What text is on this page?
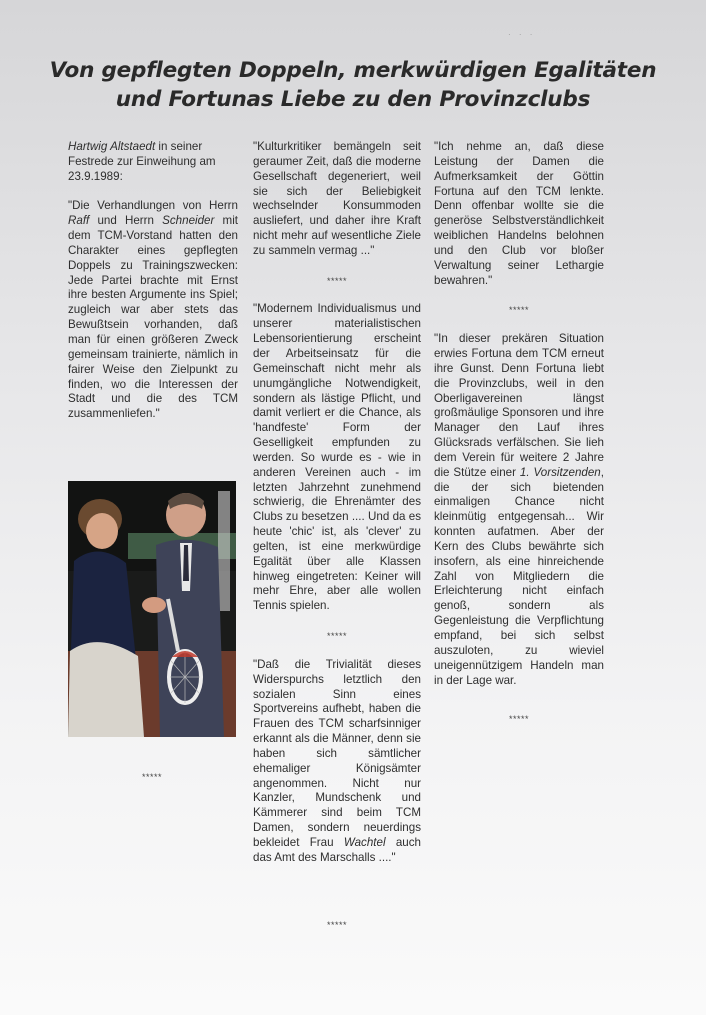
· · ·
Von gepflegten Doppeln, merkwürdigen Egalitäten
und Fortunas Liebe zu den Provinzclubs

Hartwig Altstaedt in seiner Festrede zur Einweihung am 23.9.1989:

"Die Verhandlungen von Herrn Raff und Herrn Schneider mit dem TCM-Vorstand hatten den Charakter eines gepflegten Doppels zu Trainingszwecken: Jede Partei brachte mit Ernst ihre besten Argumente ins Spiel; zugleich war aber stets das Bewußtsein vorhanden, daß man für einen größeren Zweck gemeinsam trainierte, nämlich in fairer Weise den Zielpunkt zu finden, wo die Interessen der Stadt und die des TCM zusammenliefen."

*****

"Kulturkritiker bemängeln seit geraumer Zeit, daß die moderne Gesellschaft degeneriert, weil sie sich der Beliebigkeit wechselnder Konsummoden ausliefert, und daher ihre Kraft nicht mehr auf wesentliche Ziele zu sammeln vermag ..."

*****

"Modernem Individualismus und unserer materialistischen Lebensorientierung erscheint der Arbeitseinsatz für die Gemeinschaft nicht mehr als unumgängliche Notwendigkeit, sondern als lästige Pflicht, und damit verliert er die Chance, als 'handfeste' Form der Geselligkeit empfunden zu werden. So wurde es - wie in anderen Vereinen auch - im letzten Jahrzehnt zunehmend schwierig, die Ehrenämter des Clubs zu besetzen .... Und da es heute 'chic' ist, als 'clever' zu gelten, ist eine merkwürdige Egalität über alle Klassen hinweg eingetreten: Keiner will mehr Ehre, aber alle wollen Tennis spielen.

*****

"Daß die Trivialität dieses Widerspurchs letztlich den sozialen Sinn eines Sportvereins aufhebt, haben die Frauen des TCM scharfsinniger erkannt als die Männer, denn sie haben sich sämtlicher ehemaliger Königsämter angenommen. Nicht nur Kanzler, Mundschenk und Kämmerer sind beim TCM Damen, sondern neuerdings bekleidet Frau Wachtel auch das Amt des Marschalls ...."

*****

"Ich nehme an, daß diese Leistung der Damen die Aufmerksamkeit der Göttin Fortuna auf den TCM lenkte. Denn offenbar wollte sie die generöse Selbstverständlichkeit weiblichen Handelns belohnen und den Club vor bloßer Verwaltung seiner Lethargie bewahren."

*****

"In dieser prekären Situation erwies Fortuna dem TCM erneut ihre Gunst. Denn Fortuna liebt die Provinzclubs, weil in den Oberligavereinen längst großmäulige Sponsoren und ihre Manager den Lauf ihres Glücksrads verfälschen. Sie lieh dem Verein für weitere 2 Jahre die Stütze einer 1. Vorsitzenden, die der sich bietenden einmaligen Chance nicht kleinmütig entgegensah... Wir konnten aufatmen. Aber der Kern des Clubs bewährte sich insofern, als eine hinreichende Zahl von Mitgliedern die Erleichterung nicht einfach genoß, sondern als Gegenleistung die Verpflichtung empfand, bei sich selbst auszuloten, zu wieviel uneigennützigem Handeln man in der Lage war.

*****
